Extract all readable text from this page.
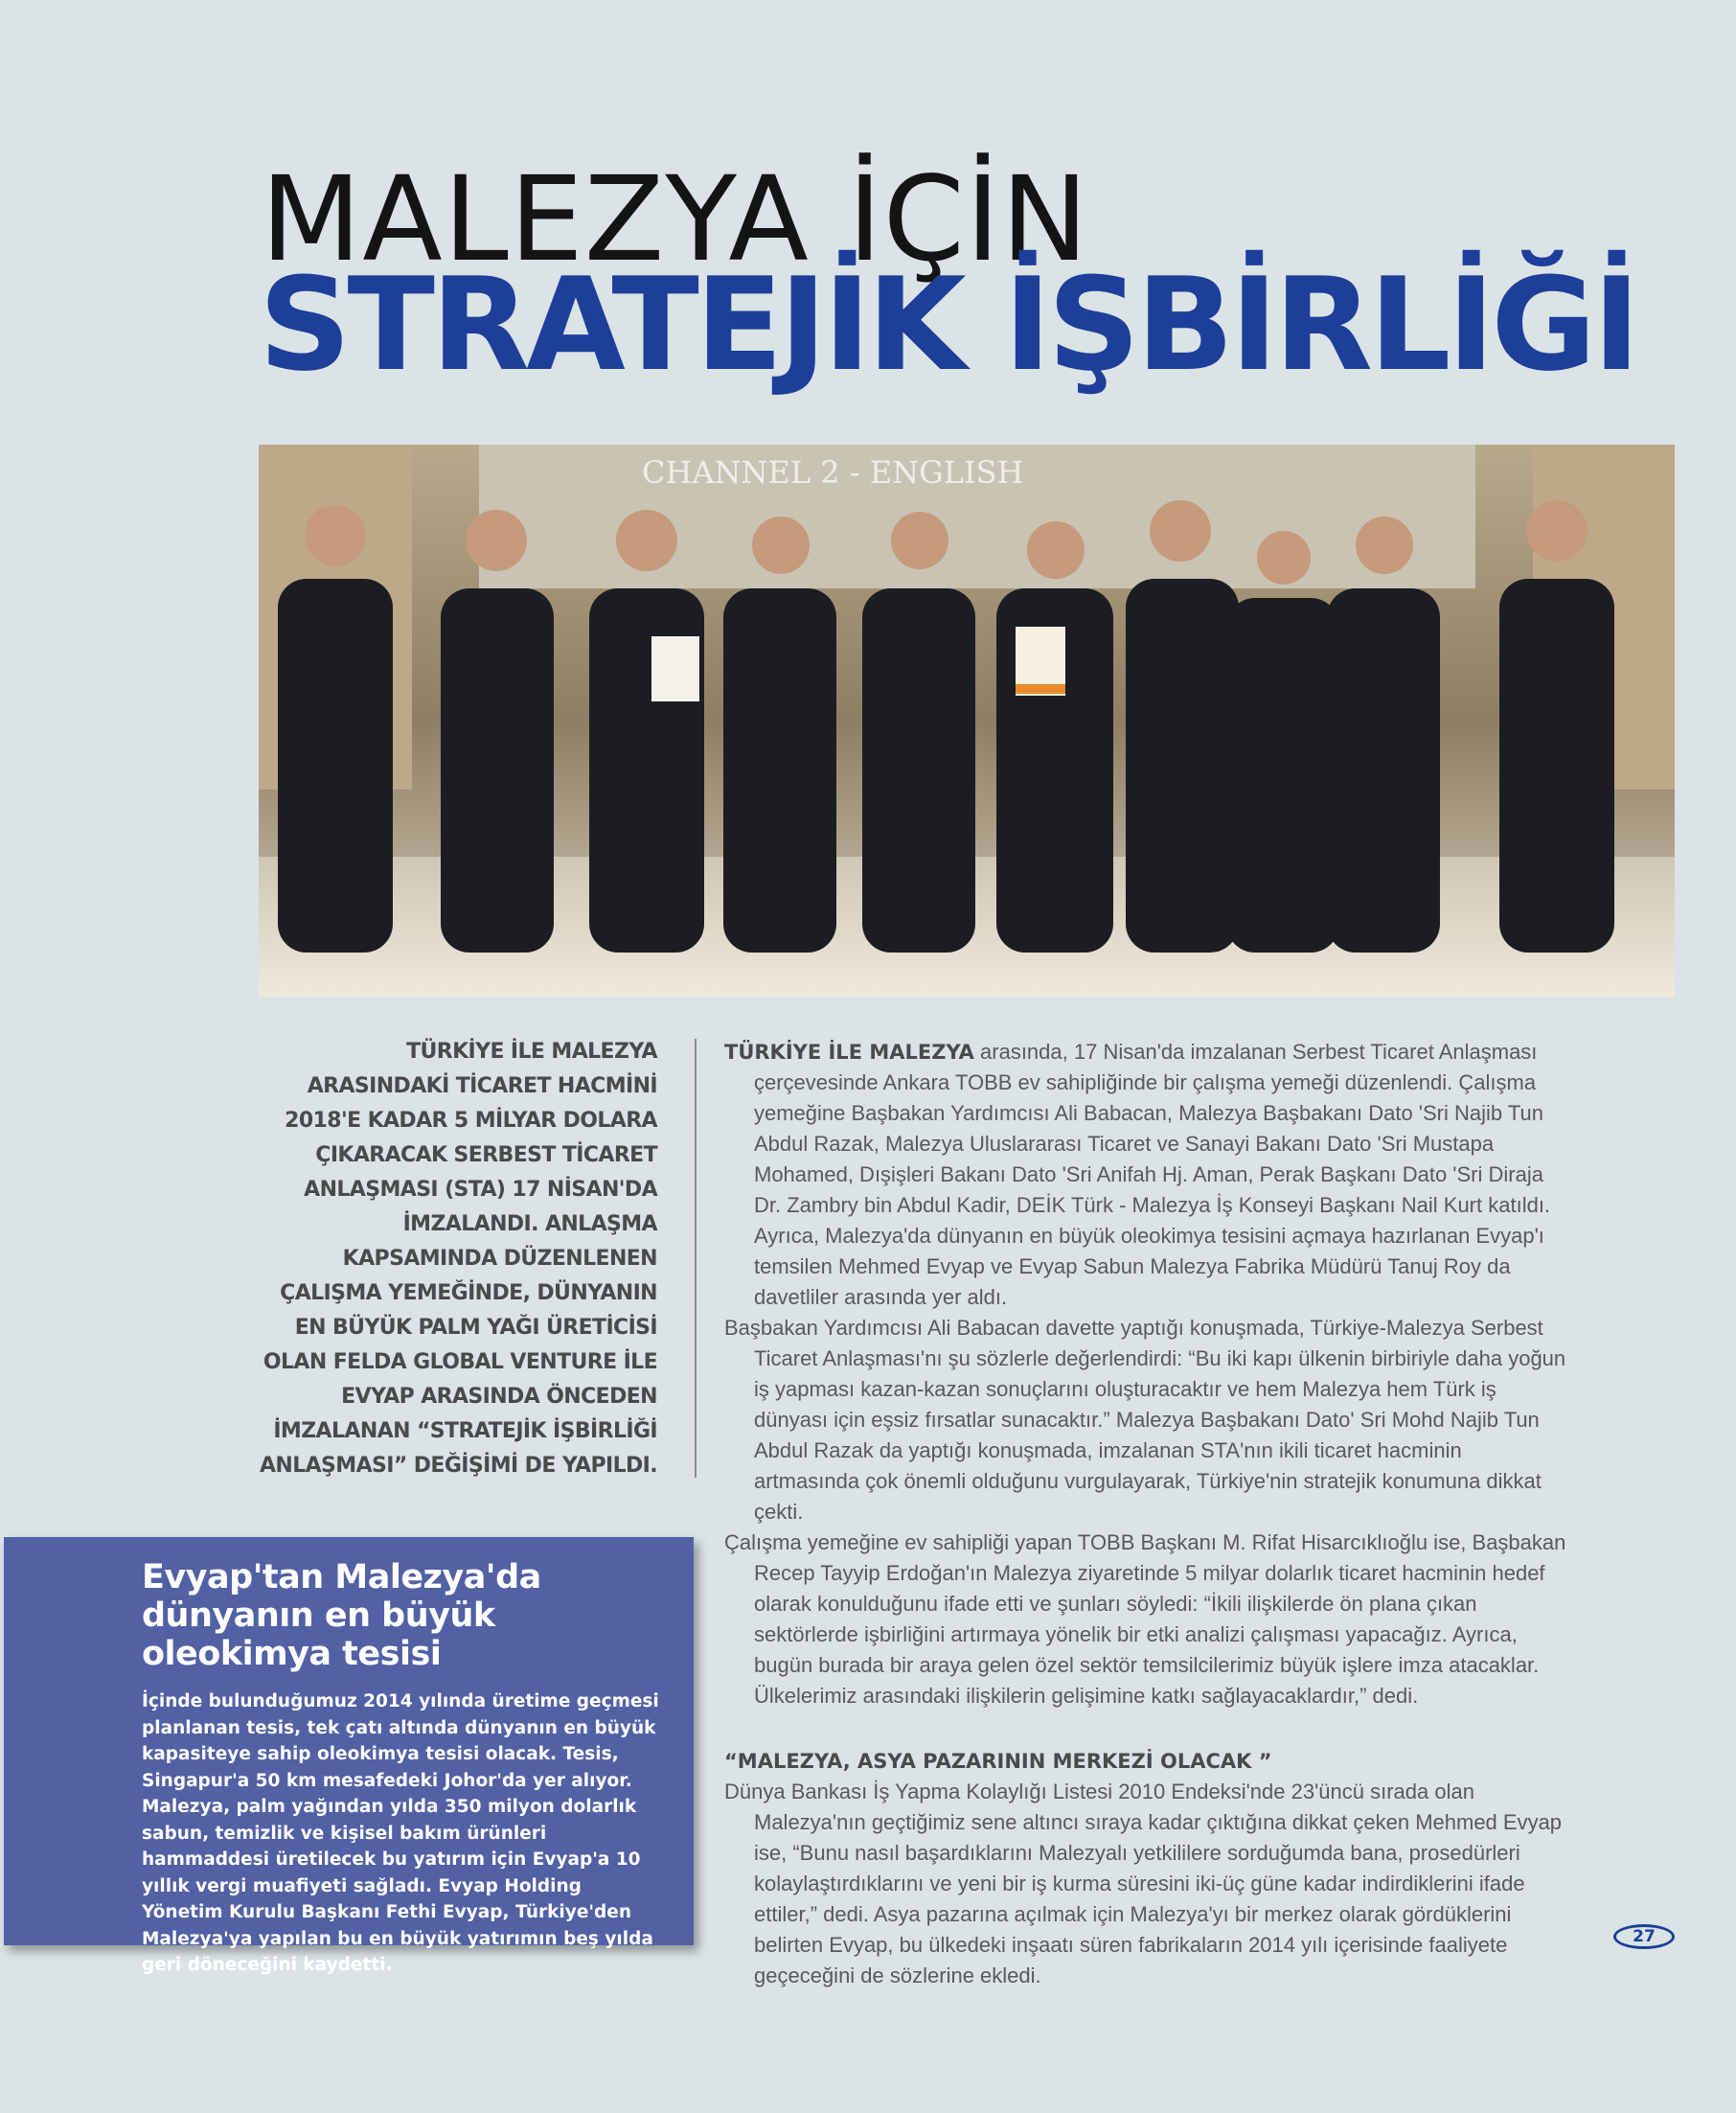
MALEZYA İÇİN
STRATEJİK İŞBİRLİĞİ
CHANNEL 2 - ENGLISH
TÜRKİYE İLE MALEZYA ARASINDAKİ TİCARET HACMİNİ 2018'E KADAR 5 MİLYAR DOLARA ÇIKARACAK SERBEST TİCARET ANLAŞMASI (STA) 17 NİSAN'DA İMZALANDI. ANLAŞMA KAPSAMINDA DÜZENLENEN ÇALIŞMA YEMEĞİNDE, DÜNYANIN EN BÜYÜK PALM YAĞI ÜRETİCİSİ OLAN FELDA GLOBAL VENTURE İLE EVYAP ARASINDA ÖNCEDEN İMZALANAN “STRATEJİK İŞBİRLİĞİ ANLAŞMASI” DEĞİŞİMİ DE YAPILDI.

TÜRKİYE İLE MALEZYA arasında, 17 Nisan'da imzalanan Serbest Ticaret Anlaşması çerçevesinde Ankara TOBB ev sahipliğinde bir çalışma yemeği düzenlendi. Çalışma yemeğine Başbakan Yardımcısı Ali Babacan, Malezya Başbakanı Dato 'Sri Najib Tun Abdul Razak, Malezya Uluslararası Ticaret ve Sanayi Bakanı Dato 'Sri Mustapa Mohamed, Dışişleri Bakanı Dato 'Sri Anifah Hj. Aman, Perak Başkanı Dato 'Sri Diraja Dr. Zambry bin Abdul Kadir, DEİK Türk - Malezya İş Konseyi Başkanı Nail Kurt katıldı. Ayrıca, Malezya'da dünyanın en büyük oleokimya tesisini açmaya hazırlanan Evyap'ı temsilen Mehmed Evyap ve Evyap Sabun Malezya Fabrika Müdürü Tanuj Roy da davetliler arasında yer aldı.

Başbakan Yardımcısı Ali Babacan davette yaptığı konuşmada, Türkiye-Malezya Serbest Ticaret Anlaşması'nı şu sözlerle değerlendirdi: “Bu iki kapı ülkenin birbiriyle daha yoğun iş yapması kazan-kazan sonuçlarını oluşturacaktır ve hem Malezya hem Türk iş dünyası için eşsiz fırsatlar sunacaktır.” Malezya Başbakanı Dato' Sri Mohd Najib Tun Abdul Razak da yaptığı konuşmada, imzalanan STA'nın ikili ticaret hacminin artmasında çok önemli olduğunu vurgulayarak, Türkiye'nin stratejik konumuna dikkat çekti.

Çalışma yemeğine ev sahipliği yapan TOBB Başkanı M. Rifat Hisarcıklıoğlu ise, Başbakan Recep Tayyip Erdoğan'ın Malezya ziyaretinde 5 milyar dolarlık ticaret hacminin hedef olarak konulduğunu ifade etti ve şunları söyledi: “İkili ilişkilerde ön plana çıkan sektörlerde işbirliğini artırmaya yönelik bir etki analizi çalışması yapacağız. Ayrıca, bugün burada bir araya gelen özel sektör temsilcilerimiz büyük işlere imza atacaklar. Ülkelerimiz arasındaki ilişkilerin gelişimine katkı sağlayacaklardır,” dedi.

“MALEZYA, ASYA PAZARININ MERKEZİ OLACAK ”

Dünya Bankası İş Yapma Kolaylığı Listesi 2010 Endeksi'nde 23'üncü sırada olan Malezya'nın geçtiğimiz sene altıncı sıraya kadar çıktığına dikkat çeken Mehmed Evyap ise, “Bunu nasıl başardıklarını Malezyalı yetkililere sorduğumda bana, prosedürleri kolaylaştırdıklarını ve yeni bir iş kurma süresini iki-üç güne kadar indirdiklerini ifade ettiler,” dedi. Asya pazarına açılmak için Malezya'yı bir merkez olarak gördüklerini belirten Evyap, bu ülkedeki inşaatı süren fabrikaların 2014 yılı içerisinde faaliyete geçeceğini de sözlerine ekledi.

Evyap'tan Malezya'da dünyanın en büyük oleokimya tesisi
İçinde bulunduğumuz 2014 yılında üretime geçmesi planlanan tesis, tek çatı altında dünyanın en büyük kapasiteye sahip oleokimya tesisi olacak. Tesis, Singapur'a 50 km mesafedeki Johor'da yer alıyor. Malezya, palm yağından yılda 350 milyon dolarlık sabun, temizlik ve kişisel bakım ürünleri hammaddesi üretilecek bu yatırım için Evyap'a 10 yıllık vergi muafiyeti sağladı. Evyap Holding Yönetim Kurulu Başkanı Fethi Evyap, Türkiye'den Malezya'ya yapılan bu en büyük yatırımın beş yılda geri döneceğini kaydetti.
27
